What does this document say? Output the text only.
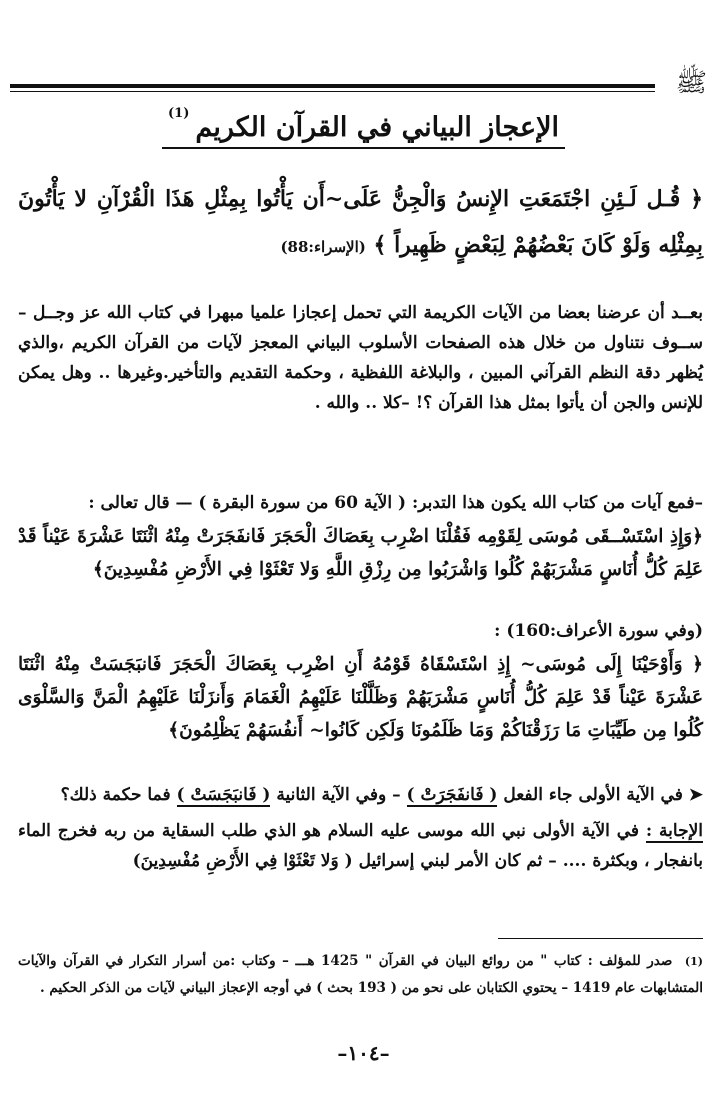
ﷺ
الإعجاز البياني في القرآن الكريم$^{(1)}$
﴿ قُـل لَـئِنِ اجْتَمَعَتِ الإِنسُ وَالْجِنُّ عَلَى~أَن يَأْتُوا بِمِثْلِ هَذَا الْقُرْآنِ لا يَأْتُونَ بِمِثْلِه وَلَوْ كَانَ بَعْضُهُمْ لِبَعْضٍ ظَهِيراً ﴾ (الإسراء:88)
بعــد أن عرضنا بعضا من الآيات الكريمة التي تحمل إعجازا علميا مبهرا في كتاب الله عز وجــل – ســوف نتناول من خلال هذه الصفحات الأسلوب البياني المعجز لآيات من القرآن الكريم ،والذي يُظهر دقة النظم القرآني المبين ، والبلاغة اللفظية ، وحكمة التقديم والتأخير.وغيرها .. وهل يمكن للإنس والجن أن يأتوا بمثل هذا القرآن ؟! –كلا .. والله .
–فمع آيات من كتاب الله يكون هذا التدبر: ( الآية 60 من سورة البقرة ) — قال تعالى :
﴿وَإِذِ اسْتَسْــقَى مُوسَى لِقَوْمِه فَقُلْنَا اضْرِب بِعَصَاكَ الْحَجَرَ فَانفَجَرَتْ مِنْهُ اثْنَتَا عَشْرَةَ عَيْناً قَدْ عَلِمَ كُلُّ أُنَاسٍ مَشْرَبَهُمْ كُلُوا وَاشْرَبُوا مِن رِزْقِ اللَّهِ وَلا تَعْثَوْا فِي الأَرْضِ مُفْسِدِينَ﴾
(وفي سورة الأعراف:160) :
﴿ وَأَوْحَيْنَا إِلَى مُوسَى~ إِذِ اسْتَسْقَاهُ قَوْمُهُ أَنِ اضْرِب بِعَصَاكَ الْحَجَرَ فَانبَجَسَتْ مِنْهُ اثْنَتَا عَشْرَةَ عَيْناً قَدْ عَلِمَ كُلُّ أُنَاسٍ مَشْرَبَهُمْ وَظَلَّلْنَا عَلَيْهِمُ الْغَمَامَ وَأَنزَلْنَا عَلَيْهِمُ الْمَنَّ وَالسَّلْوَى كُلُوا مِن طَيِّبَاتِ مَا رَزَقْنَاكُمْ وَمَا ظَلَمُونَا وَلَكِن كَانُوا~ أَنفُسَهُمْ يَظْلِمُونَ﴾
➤ في الآية الأولى جاء الفعل ( فَانفَجَرَتْ ) – وفي الآية الثانية ( فَانبَجَسَتْ ) فما حكمة ذلك؟
الإجابة : في الآية الأولى نبي الله موسى عليه السلام هو الذي طلب السقاية من ربه فخرج الماء بانفجار ، وبكثرة .... – ثم كان الأمر لبني إسرائيل ( وَلا تَعْثَوْا فِي الأَرْضِ مُفْسِدِينَ)
$^{(1)}$ صدر للمؤلف : كتاب " من روائع البيان في القرآن " 1425 هـــ – وكتاب :من أسرار التكرار في القرآن والآيات المتشابهات عام 1419 – يحتوي الكتابان على نحو من ( 193 بحث ) في أوجه الإعجاز البياني لآيات من الذكر الحكيم .
–١٠٤–
